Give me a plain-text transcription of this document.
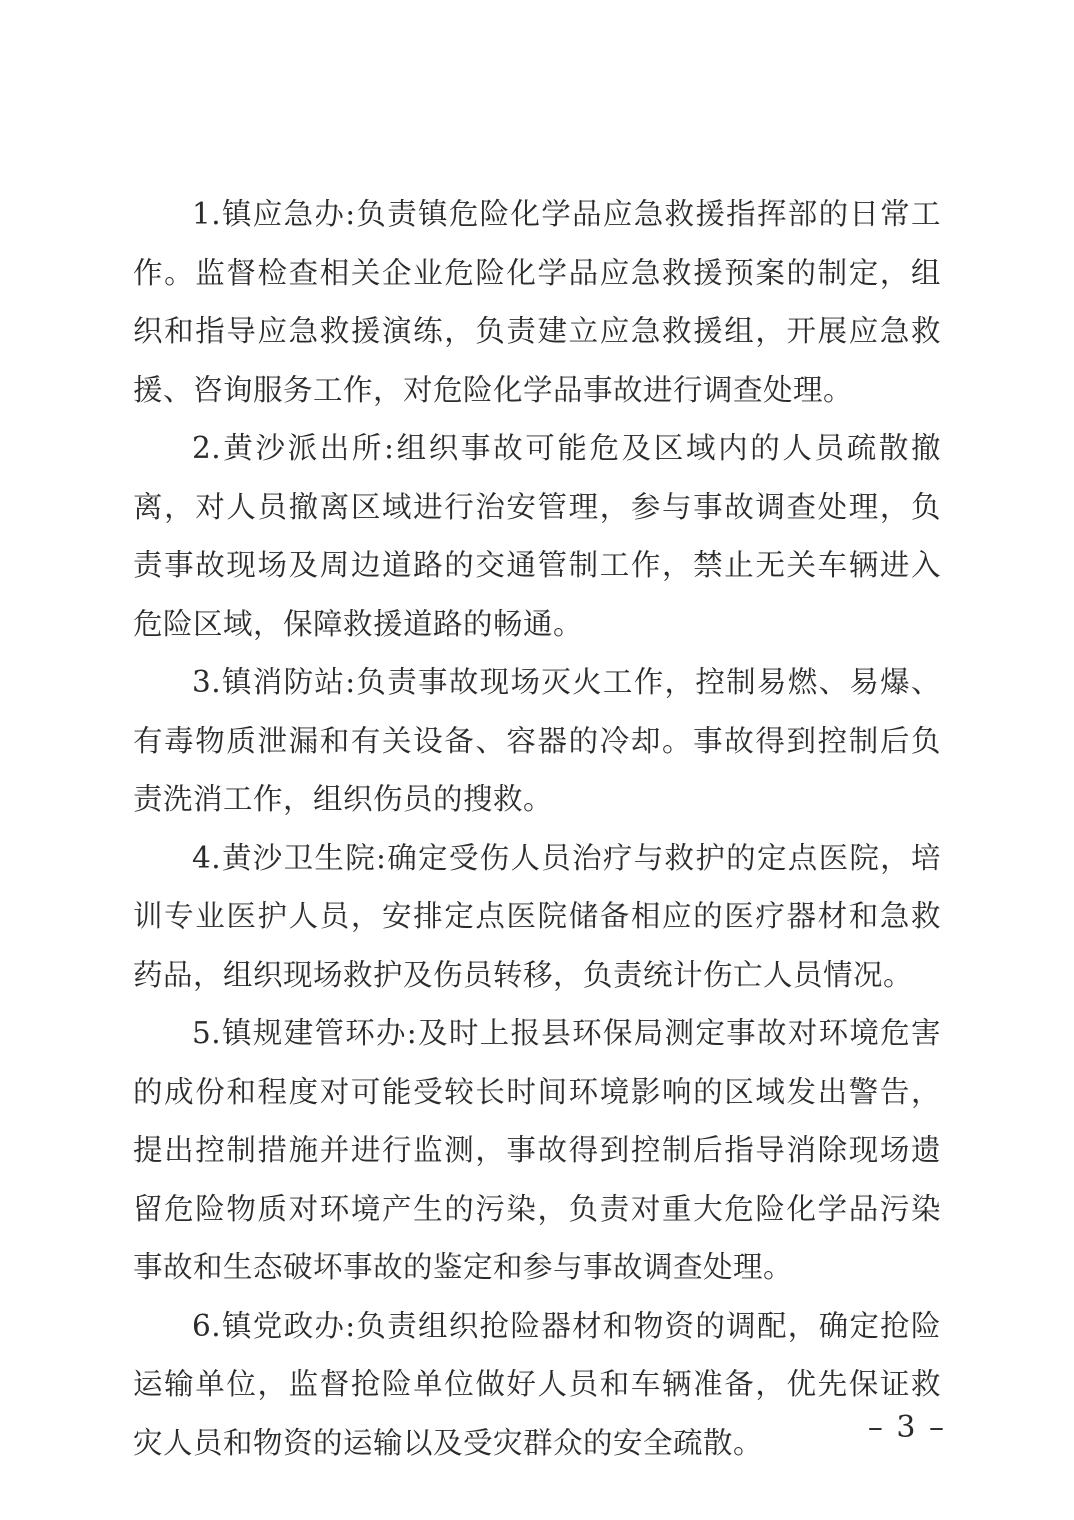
1.镇应急办:负责镇危险化学品应急救援指挥部的日常工作。监督检查相关企业危险化学品应急救援预案的制定，组织和指导应急救援演练，负责建立应急救援组，开展应急救援、咨询服务工作，对危险化学品事故进行调查处理。

2.黄沙派出所:组织事故可能危及区域内的人员疏散撤离，对人员撤离区域进行治安管理，参与事故调查处理，负责事故现场及周边道路的交通管制工作，禁止无关车辆进入危险区域，保障救援道路的畅通。

3.镇消防站:负责事故现场灭火工作，控制易燃、易爆、有毒物质泄漏和有关设备、容器的冷却。事故得到控制后负责洗消工作，组织伤员的搜救。

4.黄沙卫生院:确定受伤人员治疗与救护的定点医院，培训专业医护人员，安排定点医院储备相应的医疗器材和急救药品，组织现场救护及伤员转移，负责统计伤亡人员情况。

5.镇规建管环办:及时上报县环保局测定事故对环境危害的成份和程度对可能受较长时间环境影响的区域发出警告，提出控制措施并进行监测，事故得到控制后指导消除现场遗留危险物质对环境产生的污染，负责对重大危险化学品污染事故和生态破坏事故的鉴定和参与事故调查处理。

6.镇党政办:负责组织抢险器材和物资的调配，确定抢险运输单位，监督抢险单位做好人员和车辆准备，优先保证救灾人员和物资的运输以及受灾群众的安全疏散。	– 3 –
